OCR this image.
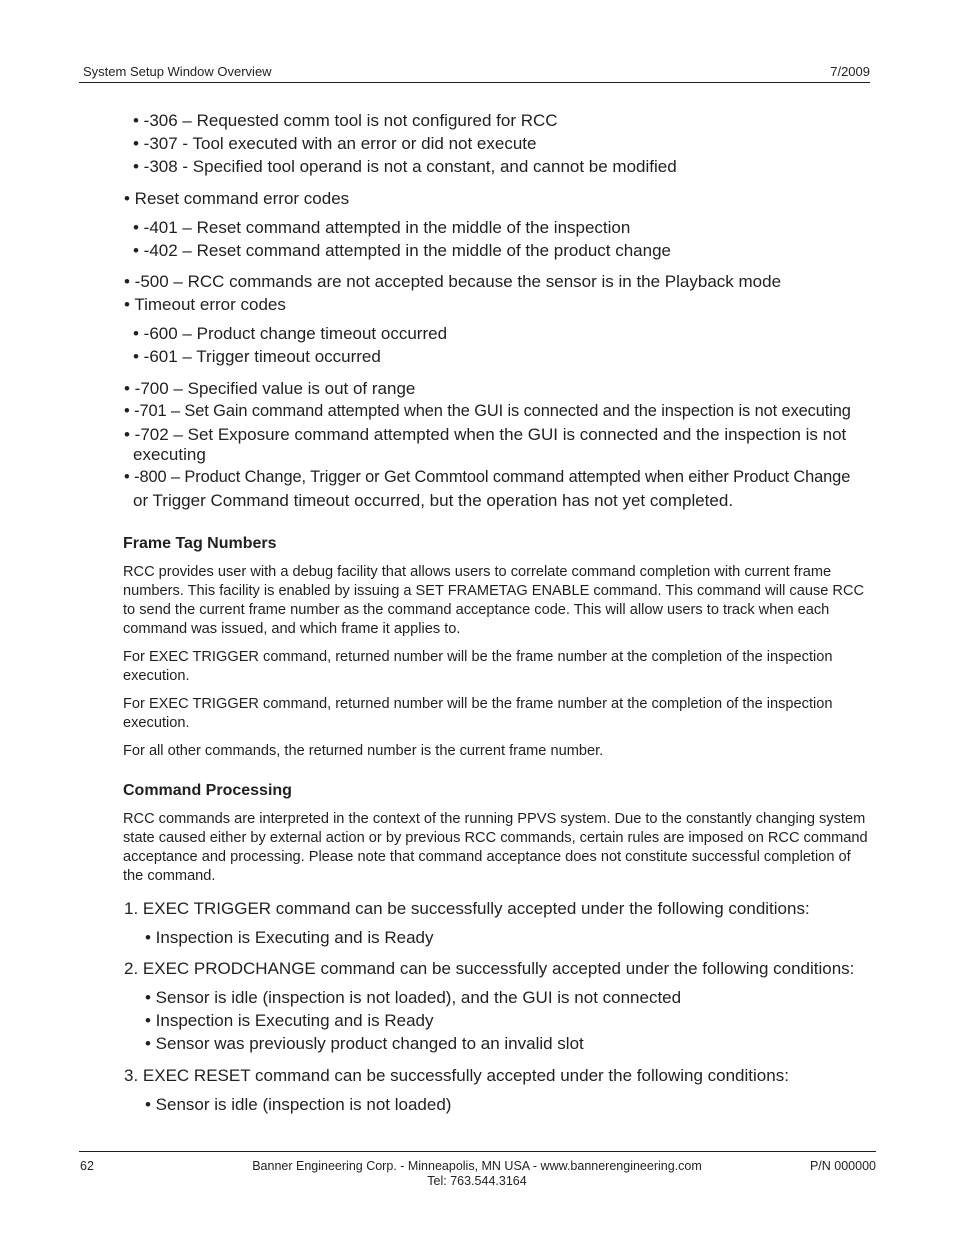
System Setup Window Overview	7/2009

• -306 – Requested comm tool is not configured for RCC

• -307 - Tool executed with an error or did not execute

• -308 - Specified tool operand is not a constant, and cannot be modified

• Reset command error codes

• -401 – Reset command attempted in the middle of the inspection

• -402 – Reset command attempted in the middle of the product change

• -500 – RCC commands are not accepted because the sensor is in the Playback mode

• Timeout error codes

• -600 – Product change timeout occurred

• -601 – Trigger timeout occurred

• -700 – Specified value is out of range

• -701 – Set Gain command attempted when the GUI is connected and the inspection is not executing

• -702 – Set Exposure command attempted when the GUI is connected and the inspection is not

executing

• -800 – Product Change, Trigger or Get Commtool command attempted when either Product Change

or Trigger Command timeout occurred, but the operation has not yet completed.

Frame Tag Numbers

RCC provides user with a debug facility that allows users to correlate command completion with current frame numbers. This facility is enabled by issuing a SET FRAMETAG ENABLE command. This command will cause RCC to send the current frame number as the command acceptance code. This will allow users to track when each command was issued, and which frame it applies to.

For EXEC TRIGGER command, returned number will be the frame number at the completion of the inspection execution.

For EXEC TRIGGER command, returned number will be the frame number at the completion of the inspection execution.

For all other commands, the returned number is the current frame number.

Command Processing

RCC commands are interpreted in the context of the running PPVS system. Due to the constantly changing system state caused either by external action or by previous RCC commands, certain rules are imposed on RCC command acceptance and processing. Please note that command acceptance does not constitute successful completion of the command.

1. EXEC TRIGGER command can be successfully accepted under the following conditions:

• Inspection is Executing and is Ready

2. EXEC PRODCHANGE command can be successfully accepted under the following conditions:

• Sensor is idle (inspection is not loaded), and the GUI is not connected

• Inspection is Executing and is Ready

• Sensor was previously product changed to an invalid slot

3. EXEC RESET command can be successfully accepted under the following conditions:

• Sensor is idle (inspection is not loaded)

62	Banner Engineering Corp. - Minneapolis, MN USA - www.bannerengineering.com
Tel: 763.544.3164
P/N 000000
